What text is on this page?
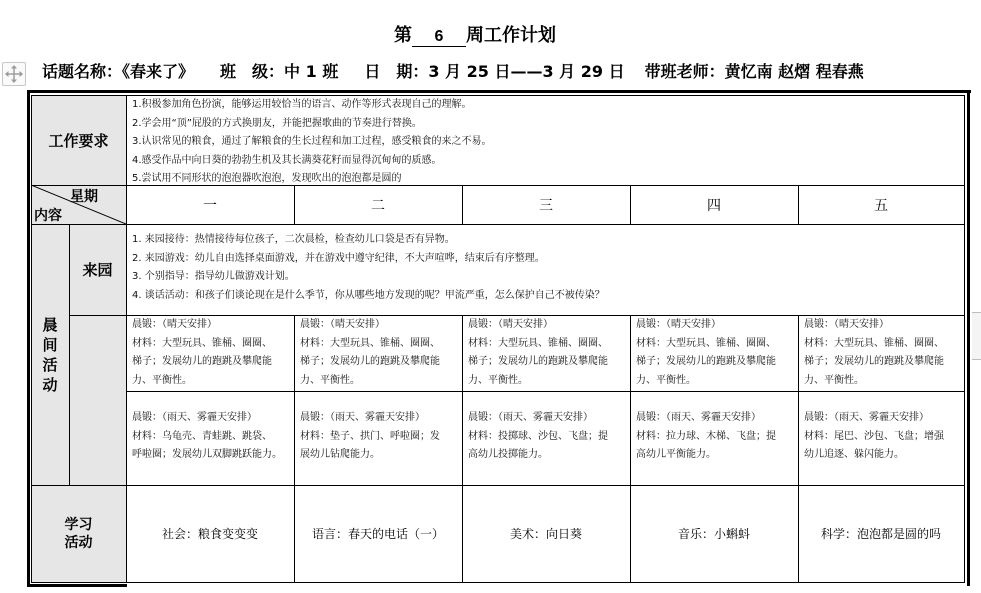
第 6 周工作计划
话题名称：《春来了》 班　级：中 1 班 日　期：3 月 25 日——3 月 29 日 带班老师：黄忆南 赵熠 程春燕
工作要求
1.积极参加角色扮演，能够运用较恰当的语言、动作等形式表现自己的理解。
2.学会用“顶”屁股的方式换朋友，并能把握歌曲的节奏进行替换。
3.认识常见的粮食，通过了解粮食的生长过程和加工过程，感受粮食的来之不易。
4.感受作品中向日葵的勃勃生机及其长满葵花籽而显得沉甸甸的质感。
5.尝试用不同形状的泡泡器吹泡泡，发现吹出的泡泡都是圆的
星期
内容
一	二	三	四	五
晨
间
活
动
来园
1. 来园接待：热情接待每位孩子，二次晨检，检查幼儿口袋是否有异物。
2. 来园游戏：幼儿自由选择桌面游戏，并在游戏中遵守纪律，不大声喧哗，结束后有序整理。
3. 个别指导：指导幼儿做游戏计划。
4. 谈话活动：和孩子们谈论现在是什么季节，你从哪些地方发现的呢？甲流严重，怎么保护自己不被传染？
晨锻：（晴天安排）
材料：大型玩具、锥桶、圈圈、
梯子；发展幼儿的跑跳及攀爬能
力、平衡性。
晨锻：（晴天安排）
材料：大型玩具、锥桶、圈圈、
梯子；发展幼儿的跑跳及攀爬能
力、平衡性。
晨锻：（晴天安排）
材料：大型玩具、锥桶、圈圈、
梯子；发展幼儿的跑跳及攀爬能
力、平衡性。
晨锻：（晴天安排）
材料：大型玩具、锥桶、圈圈、
梯子；发展幼儿的跑跳及攀爬能
力、平衡性。
晨锻：（晴天安排）
材料：大型玩具、锥桶、圈圈、
梯子；发展幼儿的跑跳及攀爬能
力、平衡性。
晨锻：（雨天、雾霾天安排）
材料：乌龟壳、青蛙跳、跳袋、
呼啦圈；发展幼儿双脚跳跃能力。
晨锻：（雨天、雾霾天安排）
材料：垫子、拱门、呼啦圈；发
展幼儿钻爬能力。
晨锻：（雨天、雾霾天安排）
材料：投掷球、沙包、飞盘；提
高幼儿投掷能力。
晨锻：（雨天、雾霾天安排）
材料：拉力球、木梯、飞盘；提
高幼儿平衡能力。
晨锻：（雨天、雾霾天安排）
材料：尾巴、沙包、飞盘；增强
幼儿追逐、躲闪能力。
学习
活动
社会：粮食变变变	语言：春天的电话（一）	美术：向日葵	音乐：小蝌蚪	科学：泡泡都是圆的吗
